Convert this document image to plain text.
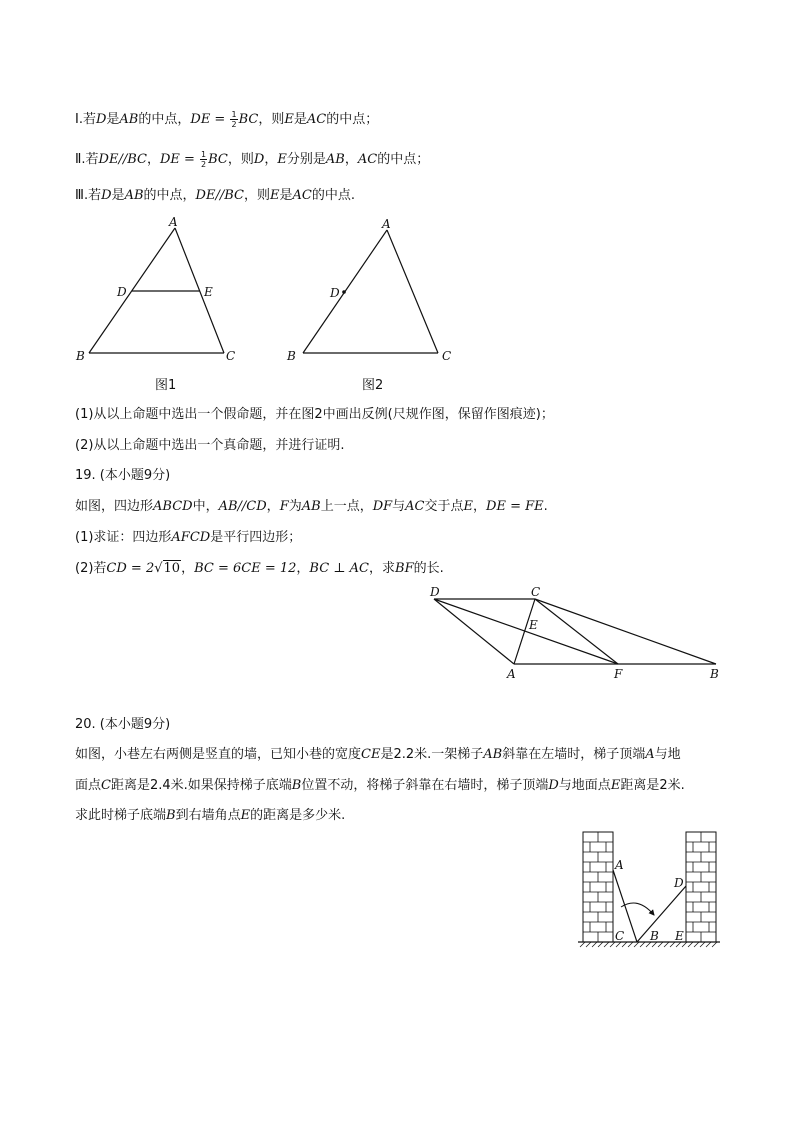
Ⅰ.若D是AB的中点，DE = $\frac{1}{2}$ BC，则E是AC的中点；
Ⅱ.若DE//BC，DE = $\frac{1}{2}$ BC，则D，E分别是AB，AC的中点；
Ⅲ.若D是AB的中点，DE//BC，则E是AC的中点.
A
D	E
B	C
图1
A
D
B	C
图2
(1)从以上命题中选出一个假命题，并在图2中画出反例(尺规作图，保留作图痕迹)；
(2)从以上命题中选出一个真命题，并进行证明.
19. (本小题9分)
如图，四边形ABCD中，AB//CD，F为AB上一点，DF与AC交于点E，DE = FE.
(1)求证：四边形AFCD是平行四边形；
(2)若CD = 2√10，BC = 6CE = 12，BC ⊥ AC，求BF的长.
D	C
E
A	F	B
20. (本小题9分)
如图，小巷左右两侧是竖直的墙，已知小巷的宽度CE是2.2米.一架梯子AB斜靠在左墙时，梯子顶端A与地
面点C距离是2.4米.如果保持梯子底端B位置不动，将梯子斜靠在右墙时，梯子顶端D与地面点E距离是2米.
求此时梯子底端B到右墙角点E的距离是多少米.
A
C B E
D
